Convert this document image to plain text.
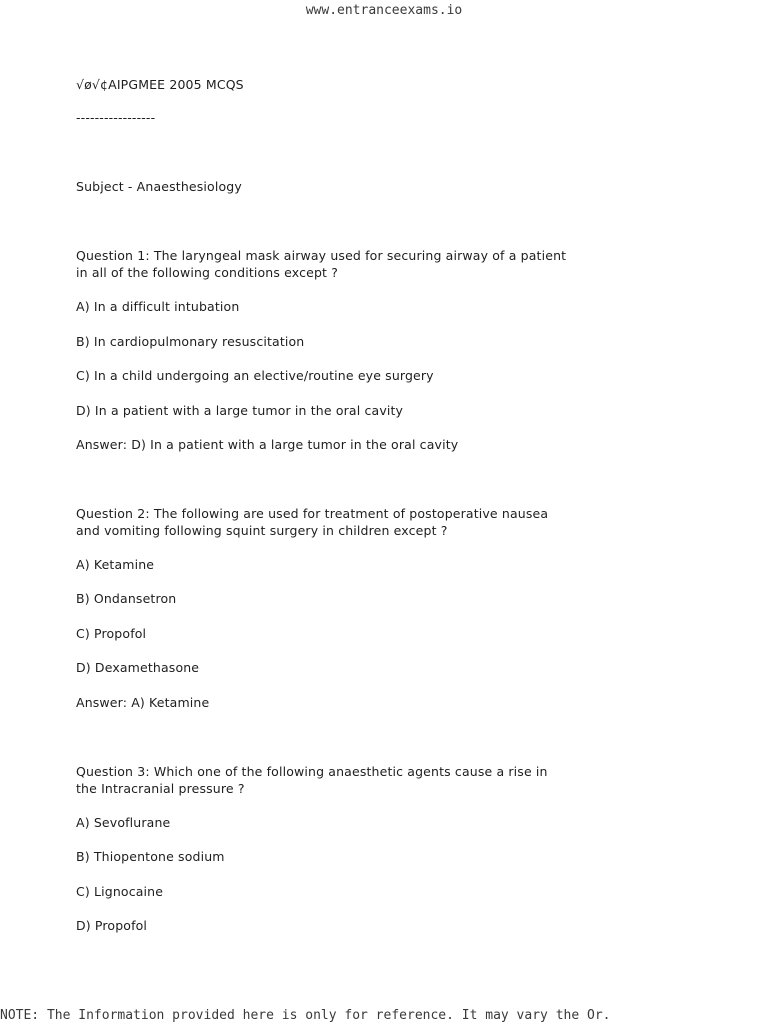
www.entranceexams.io

√ø√¢AIPGMEE 2005 MCQS

-----------------

Subject - Anaesthesiology

Question 1: The laryngeal mask airway used for securing airway of a patient

in all of the following conditions except ?

A) In a difficult intubation

B) In cardiopulmonary resuscitation

C) In a child undergoing an elective/routine eye surgery

D) In a patient with a large tumor in the oral cavity

Answer: D) In a patient with a large tumor in the oral cavity

Question 2: The following are used for treatment of postoperative nausea

and vomiting following squint surgery in children except ?

A) Ketamine

B) Ondansetron

C) Propofol

D) Dexamethasone

Answer: A) Ketamine

Question 3: Which one of the following anaesthetic agents cause a rise in

the Intracranial pressure ?

A) Sevoflurane

B) Thiopentone sodium

C) Lignocaine

D) Propofol

NOTE: The Information provided here is only for reference. It may vary the Or.
